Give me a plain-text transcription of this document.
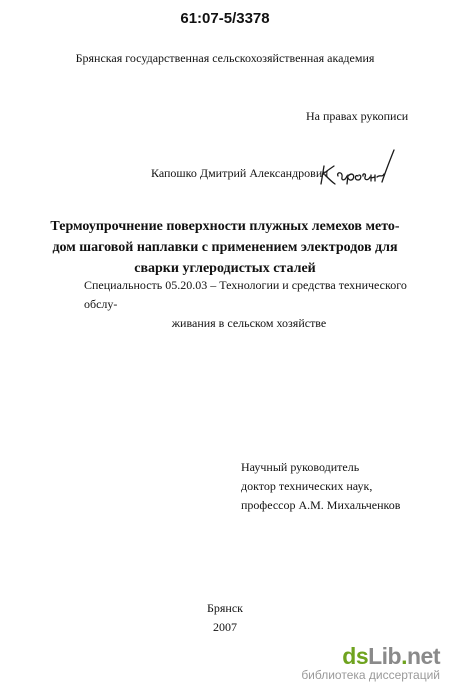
61:07-5/3378
Брянская государственная сельскохозяйственная академия
На правах рукописи
Капошко Дмитрий Александрович
Термоупрочнение поверхности плужных лемехов мето-
дом шаговой наплавки с применением электродов для
сварки углеродистых сталей
Специальность 05.20.03 – Технологии и средства технического обслу-
живания в сельском хозяйстве
Научный руководитель
доктор технических наук,
профессор А.М. Михальченков
Брянск
2007
dsLib.net
библиотека диссертаций
